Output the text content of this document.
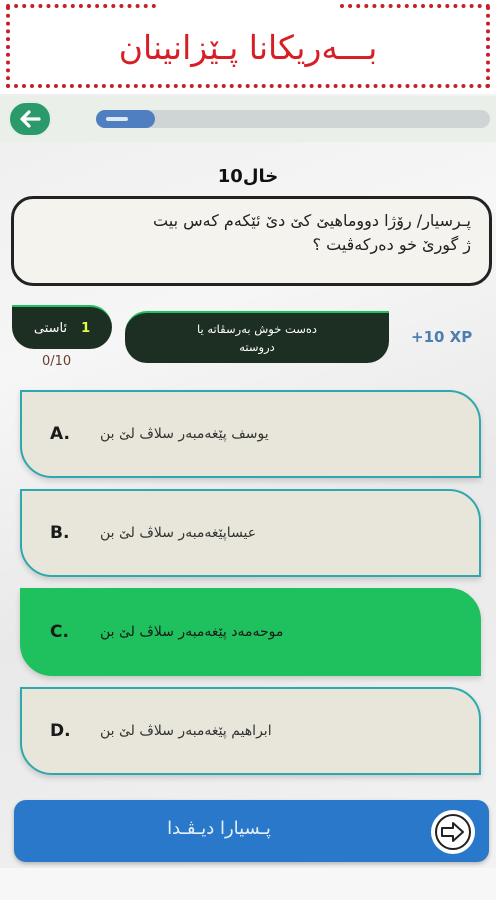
بـــەریکانا پـێزانینان
10خال
پـرسیار/ رۆژا دووماهیێ کێ دێ ئێکەم کەس بیت
ژ گورێ خو دەرکەڤیت ؟
ئاستی 1
0/10
دەست خوش بەرسڤاتە یا
دروستە
+10 XP
A. یوسف پێغەمبەر سلاڤ لێ بن
B. عیساپێغەمبەر سلاڤ لێ بن
C. موحەمەد پێغەمبەر سلاڤ لێ بن
D. ابراهیم پێغەمبەر سلاڤ لێ بن
پـسیارا دیـڤـدا
